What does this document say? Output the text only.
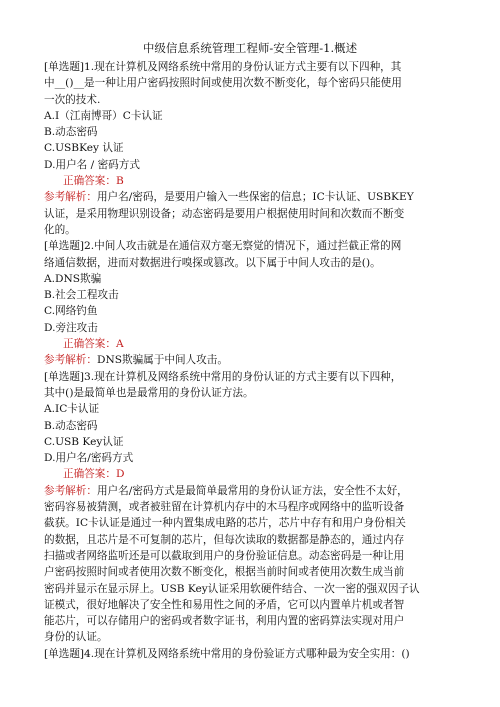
中级信息系统管理工程师-安全管理-1.概述
[单选题]1.现在计算机及网络系统中常用的身份认证方式主要有以下四种，其
中__()__是一种让用户密码按照时间或使用次数不断变化，每个密码只能使用
一次的技术.
A.I（江南博哥）C卡认证
B.动态密码
C.USBKey 认证
D.用户名 / 密码方式
正确答案：B
参考解析：用户名/密码，是要用户输入一些保密的信息；IC卡认证、USBKEY
认证，是采用物理识别设备；动态密码是要用户根据使用时间和次数而不断变
化的。
[单选题]2.中间人攻击就是在通信双方毫无察觉的情况下，通过拦截正常的网
络通信数据，进而对数据进行嗅探或篡改。以下属于中间人攻击的是()。
A.DNS欺骗
B.社会工程攻击
C.网络钓鱼
D.旁注攻击
正确答案：A
参考解析：DNS欺骗属于中间人攻击。
[单选题]3.现在计算机及网络系统中常用的身份认证的方式主要有以下四种，
其中()是最简单也是最常用的身份认证方法。
A.IC卡认证
B.动态密码
C.USB Key认证
D.用户名/密码方式
正确答案：D
参考解析：用户名/密码方式是最简单最常用的身份认证方法，安全性不太好，
密码容易被猜测，或者被驻留在计算机内存中的木马程序或网络中的监听设备
截获。IC卡认证是通过一种内置集成电路的芯片，芯片中存有和用户身份相关
的数据，且芯片是不可复制的芯片，但每次读取的数据都是静态的，通过内存
扫描或者网络监听还是可以截取到用户的身份验证信息。动态密码是一种让用
户密码按照时间或者使用次数不断变化，根据当前时间或者使用次数生成当前
密码并显示在显示屏上。USB Key认证采用软硬件结合、一次一密的强双因子认
证模式，很好地解决了安全性和易用性之间的矛盾，它可以内置单片机或者智
能芯片，可以存储用户的密码或者数字证书，利用内置的密码算法实现对用户
身份的认证。
[单选题]4.现在计算机及网络系统中常用的身份验证方式哪种最为安全实用：()
